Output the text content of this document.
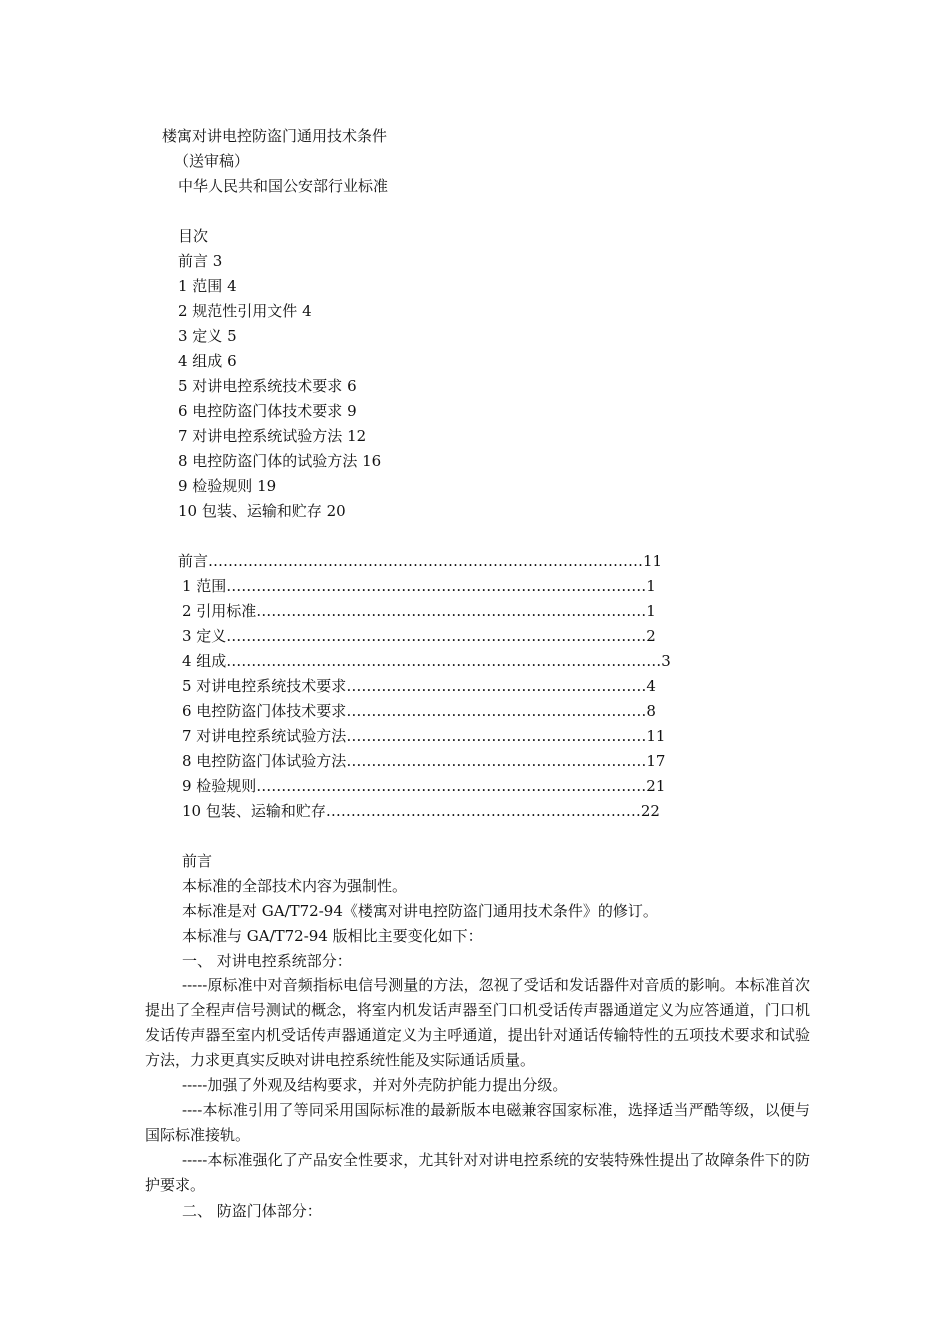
楼寓对讲电控防盗门通用技术条件
（送审稿）
中华人民共和国公安部行业标准
目次
前言 3
1 范围 4
2 规范性引用文件 4
3 定义 5
4 组成 6
5 对讲电控系统技术要求 6
6 电控防盗门体技术要求 9
7 对讲电控系统试验方法 12
8 电控防盗门体的试验方法 16
9 检验规则 19
10 包装、运输和贮存 20
前言……………………………………………………………………………11
1 范围…………………………………………………………………………1
2 引用标准……………………………………………………………………1
3 定义…………………………………………………………………………2
4 组成……………………………………………………………………………3
5 对讲电控系统技术要求……………………………………………………4
6 电控防盗门体技术要求……………………………………………………8
7 对讲电控系统试验方法……………………………………………………11
8 电控防盗门体试验方法……………………………………………………17
9 检验规则……………………………………………………………………21
10 包装、运输和贮存………………………………………………………22
前言
本标准的全部技术内容为强制性。
本标准是对 GA/T72-94《楼寓对讲电控防盗门通用技术条件》的修订。
本标准与 GA/T72-94 版相比主要变化如下：
一、 对讲电控系统部分：

-----原标准中对音频指标电信号测量的方法，忽视了受话和发话器件对音质的影响。本标准首次提出了全程声信号测试的概念，将室内机发话声器至门口机受话传声器通道定义为应答通道，门口机发话传声器至室内机受话传声器通道定义为主呼通道，提出针对通话传输特性的五项技术要求和试验方法，力求更真实反映对讲电控系统性能及实际通话质量。

-----加强了外观及结构要求，并对外壳防护能力提出分级。

----本标准引用了等同采用国际标准的最新版本电磁兼容国家标准，选择适当严酷等级，以便与国际标准接轨。

-----本标准强化了产品安全性要求，尤其针对对讲电控系统的安装特殊性提出了故障条件下的防护要求。

二、 防盗门体部分：
